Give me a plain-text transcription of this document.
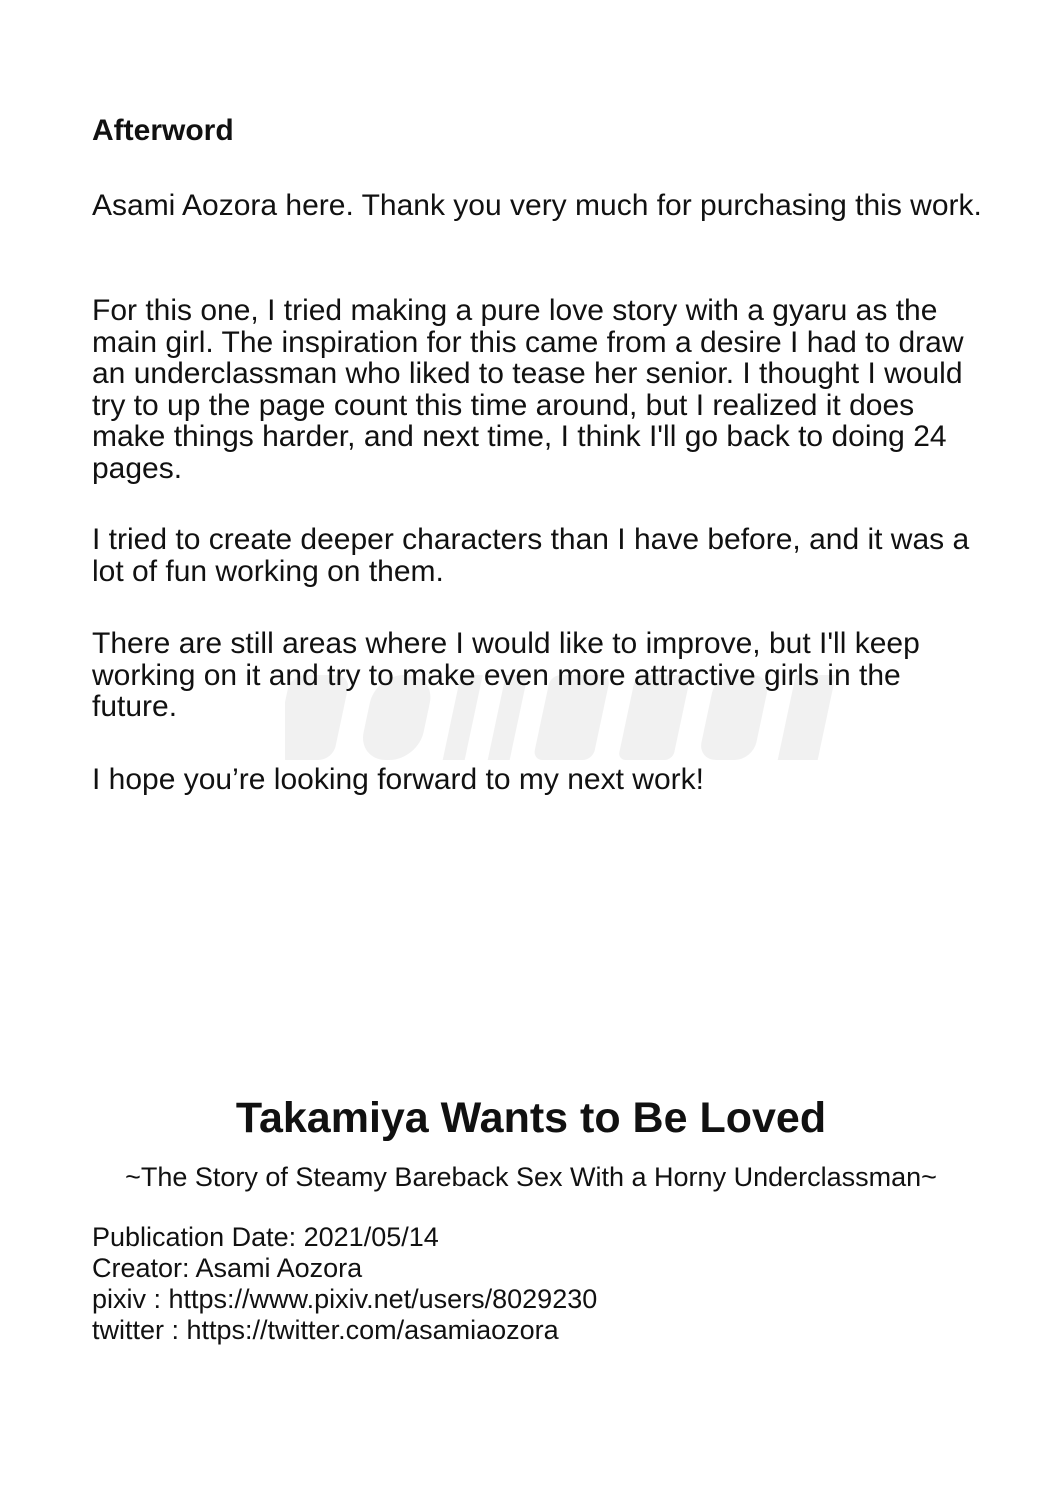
Afterword

Asami Aozora here. Thank you very much for purchasing this work.

For this one, I tried making a pure love story with a gyaru as the main girl. The inspiration for this came from a desire I had to draw an underclassman who liked to tease her senior. I thought I would try to up the page count this time around, but I realized it does make things harder, and next time, I think I'll go back to doing 24 pages.

I tried to create deeper characters than I have before, and it was a lot of fun working on them.

There are still areas where I would like to improve, but I'll keep working on it and try to make even more attractive girls in the future.

I hope you’re looking forward to my next work!

Takamiya Wants to Be Loved

~The Story of Steamy Bareback Sex With a Horny Underclassman~

Publication Date: 2021/05/14
Creator: Asami Aozora
pixiv : https://www.pixiv.net/users/8029230
twitter : https://twitter.com/asamiaozora
